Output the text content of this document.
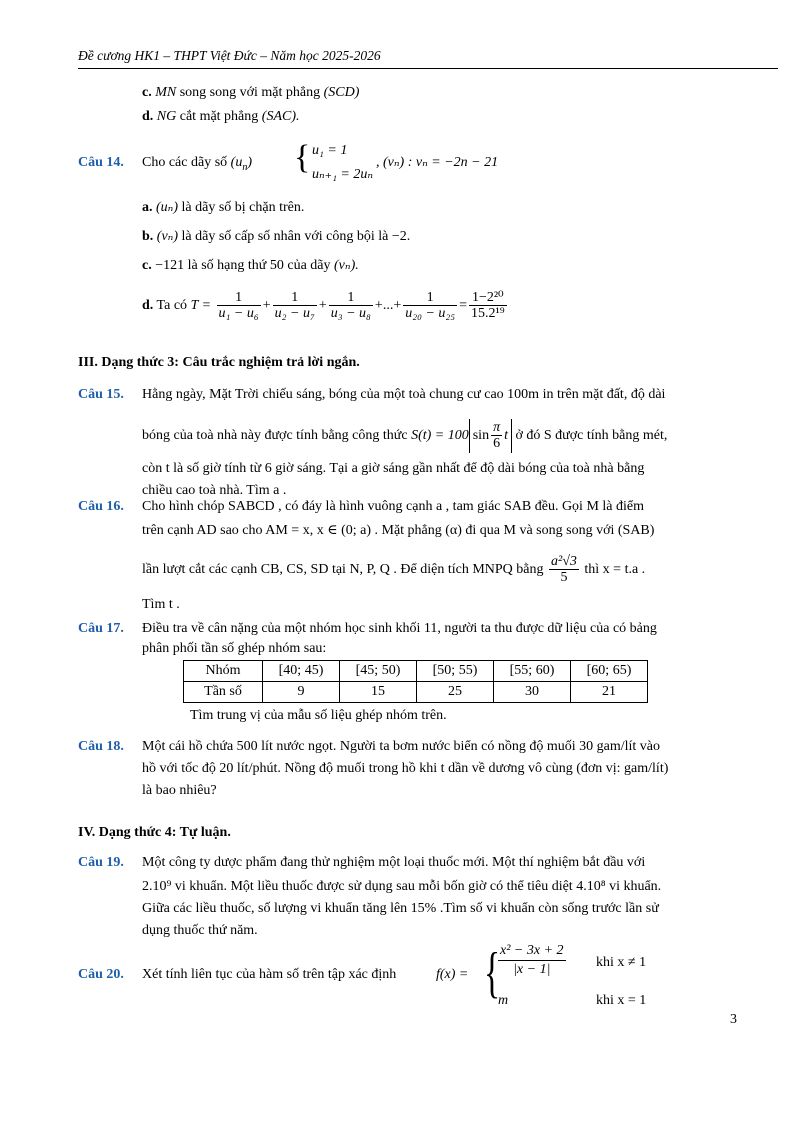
Đề cương HK1 – THPT Việt Đức – Năm học 2025-2026
c. MN song song với mặt phẳng (SCD)
d. NG cắt mặt phẳng (SAC).
Câu 14. Cho các dãy số $(u_n)$ { u₁ = 1
uₙ₊₁ = 2uₙ
, (vₙ) : vₙ = −2n − 21
a. (uₙ) là dãy số bị chặn trên.
b. (vₙ) là dãy số cấp số nhân với công bội là −2.
c. −121 là số hạng thứ 50 của dãy (vₙ).
d. Ta có $T = \frac{1}{\text{u₁ − u₆}} + \frac{1}{\text{u₂ − u₇}} + \frac{1}{\text{u₃ − u₈}}$ +...+ $\frac{1}{\text{u₂₀ − u₂₅}} = \frac{\text{1−2²⁰}}{\text{15.2¹⁹}}$
III. Dạng thức 3: Câu trắc nghiệm trả lời ngắn.
Câu 15. Hằng ngày, Mặt Trời chiếu sáng, bóng của một toà chung cư cao 100m in trên mặt đất, độ dài
bóng của toà nhà này được tính bằng công thức S(t) = 100 $\sin \frac{\pi}{6}$ t ở đó S được tính bằng mét,
còn t là số giờ tính từ 6 giờ sáng. Tại a giờ sáng gần nhất để độ dài bóng của toà nhà bằng
chiều cao toà nhà. Tìm a .
Câu 16. Cho hình chóp SABCD , có đáy là hình vuông cạnh a , tam giác SAB đều. Gọi M là điểm
trên cạnh AD sao cho AM = x, x ∈ (0; a) . Mặt phẳng (α) đi qua M và song song với (SAB)
lần lượt cắt các cạnh CB, CS, SD tại N, P, Q . Để diện tích MNPQ bằng $\frac{\text{a²√3}}{5}$ thì x = t.a .
Tìm t .
Câu 17. Điều tra về cân nặng của một nhóm học sinh khối 11, người ta thu được dữ liệu của có bảng
phân phối tần số ghép nhóm sau:
Nhóm	[40; 45)	[45; 50)	[50; 55)	[55; 60)	[60; 65)
Tần số	9	15	25	30	21
Tìm trung vị của mẫu số liệu ghép nhóm trên.
Câu 18. Một cái hồ chứa 500 lít nước ngọt. Người ta bơm nước biển có nồng độ muối 30 gam/lít vào
hồ với tốc độ 20 lít/phút. Nồng độ muối trong hồ khi t dần về dương vô cùng (đơn vị: gam/lít)
là bao nhiêu?
IV. Dạng thức 4: Tự luận.
Câu 19. Một công ty dược phẩm đang thử nghiệm một loại thuốc mới. Một thí nghiệm bắt đầu với
2.10⁹ vi khuẩn. Một liều thuốc được sử dụng sau mỗi bốn giờ có thể tiêu diệt 4.10⁸ vi khuẩn.
Giữa các liều thuốc, số lượng vi khuẩn tăng lên 15% .Tìm số vi khuẩn còn sống trước lần sử
dụng thuốc thứ năm.
Câu 20. Xét tính liên tục của hàm số trên tập xác định	f(x) = {
$\frac{\text{x² − 3x + 2}}{|x - 1|}$ khi x ≠ 1
m	khi x = 1
3
